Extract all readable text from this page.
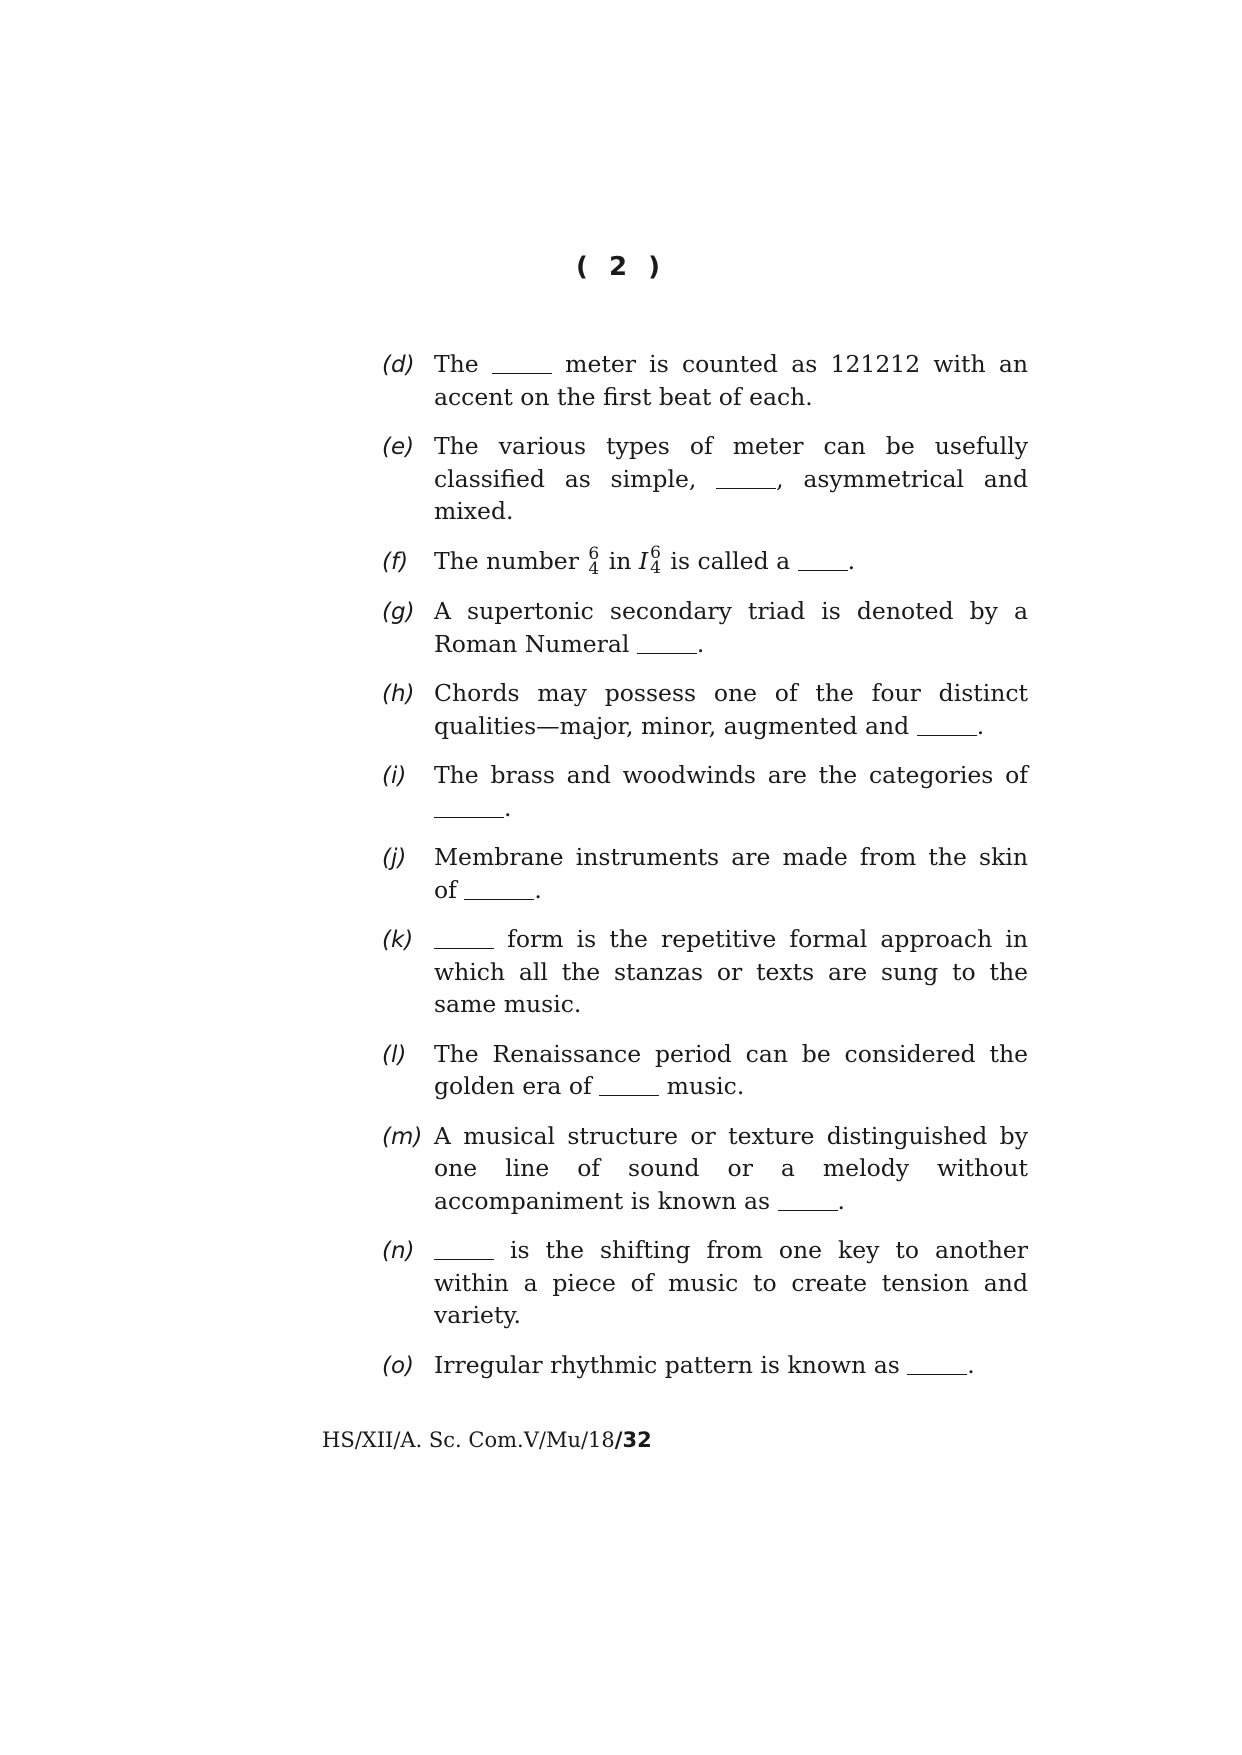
( 2 )
(d) The	meter is counted as 121212 with an accent on the first beat of each.
(e) The various types of meter can be usefully classified as simple,	, asymmetrical and mixed.
(f)	The number 6
4 in I 6
4 is called a .
(g) A supertonic secondary triad is denoted by a Roman Numeral	.
(h) Chords may possess one of the four distinct qualities—major, minor, augmented and	.
(i)	The brass and woodwinds are the categories of .
(j)	Membrane instruments are made from the skin of	.
(k)	form is the repetitive formal approach in which all the stanzas or texts are sung to the same music.
(l)	The Renaissance period can be considered the golden era of	music.
(m) A musical structure or texture distinguished by one line of sound or a melody without accompaniment is known as	.
(n)	is the shifting from one key to another within a piece of music to create tension and variety.
(o) Irregular rhythmic pattern is known as	.
HS/XII/A. Sc. Com.V/Mu/18/32
